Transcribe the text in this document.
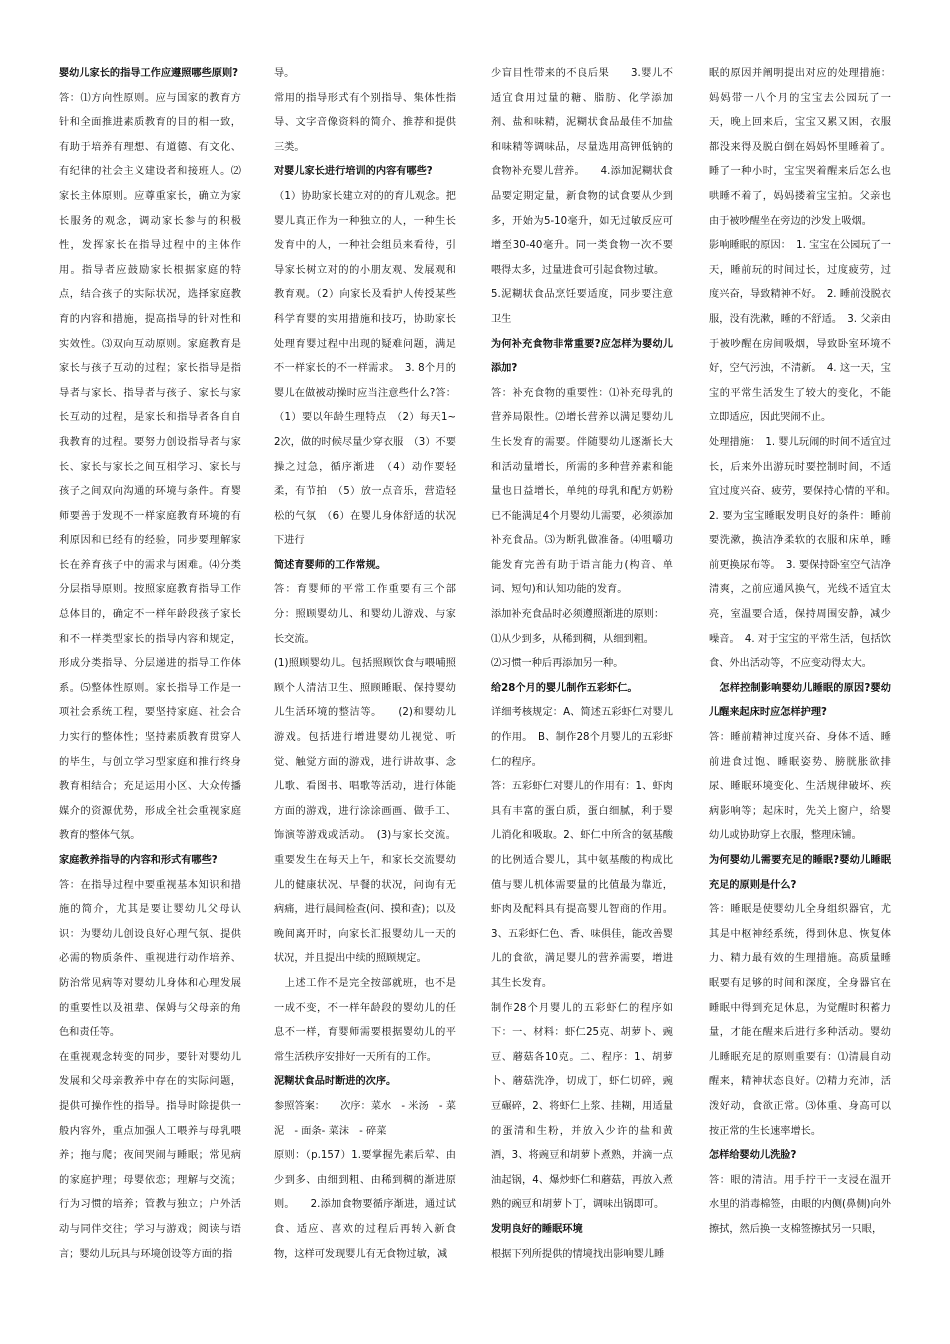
婴幼儿家长的指导工作应遵照哪些原则?

答：⑴方向性原则。应与国家的教育方针和全面推进素质教育的目的相一致，有助于培养有理想、有道德、有文化、有纪律的社会主义建设者和接班人。⑵家长主体原则。应尊重家长，确立为家长服务的观念，调动家长参与的积极性，发挥家长在指导过程中的主体作用。指导者应鼓励家长根据家庭的特点，结合孩子的实际状况，选择家庭教育的内容和措施，提高指导的针对性和实效性。⑶双向互动原则。家庭教育是家长与孩子互动的过程；家长指导是指导者与家长、指导者与孩子、家长与家长互动的过程，是家长和指导者各自自我教育的过程。要努力创设指导者与家长、家长与家长之间互相学习、家长与孩子之间双向沟通的环境与条件。育婴师要善于发现不一样家庭教育环境的有利原因和已经有的经验，同步要理解家长在养育孩子中的需求与困难。⑷分类分层指导原则。按照家庭教育指导工作总体目的，确定不一样年龄段孩子家长和不一样类型家长的指导内容和规定，形成分类指导、分层递进的指导工作体系。⑸整体性原则。家长指导工作是一项社会系统工程，要坚持家庭、社会合力实行的整体性；坚持素质教育贯穿人的毕生，与创立学习型家庭和推行终身教育相结合；充足运用小区、大众传播媒介的资源优势，形成全社会重视家庭教育的整体气氛。

家庭教养指导的内容和形式有哪些?

答：在指导过程中要重视基本知识和措施的简介，尤其是要让婴幼儿父母认识：为婴幼儿创设良好心理气氛、提供必需的物质条件、重视进行动作培养、防治常见病等对婴幼儿身体和心理发展的重要性以及祖辈、保姆与父母亲的角色和责任等。

在重视观念转变的同步，要针对婴幼儿发展和父母亲教养中存在的实际问题，提供可操作性的指导。指导时除提供一般内容外，重点加强人工喂养与母乳喂养；拖与爬；夜间哭闹与睡眠；常见病的家庭护理；母婴依恋；理解与交流；行为习惯的培养；管教与独立；户外活动与同伴交往；学习与游戏；阅读与语言；婴幼儿玩具与环境创设等方面的指

导。

常用的指导形式有个别指导、集体性指导、文字音像资料的简介、推荐和提供三类。

对婴儿家长进行培训的内容有哪些?

（1）协助家长建立对的的育儿观念。把婴儿真正作为一种独立的人，一种生长发育中的人，一种社会组员来看待，引导家长树立对的的小朋友观、发展观和教育观。（2）向家长及看护人传授某些科学育婴的实用措施和技巧，协助家长处理育婴过程中出现的疑难问题，满足不一样家长的不一样需求。　3. 8个月的婴儿在做被动操时应当注意些什么?答：（1）要以年龄生理特点　（2）每天1~2次，做的时候尽量少穿衣服　（3）不要操之过急，循序渐进　（4）动作要轻柔，有节拍　（5）放一点音乐，营造轻松的气氛　（6）在婴儿身体舒适的状况下进行

简述育婴师的工作常规。

答：育婴师的平常工作重要有三个部分：照顾婴幼儿、和婴幼儿游戏、与家长交流。

(1)照顾婴幼儿。包括照顾饮食与喂哺照顾个人清洁卫生、照顾睡眠、保持婴幼儿生活环境的整洁等。　　(2)和婴幼儿游戏。包括进行增进婴幼儿视觉、听觉、触觉方面的游戏，进行讲故事、念儿歌、看图书、唱歌等活动，进行体能方面的游戏，进行涂涂画画、做手工、饰演等游戏或活动。　(3)与家长交流。重要发生在每天上午，和家长交流婴幼儿的健康状况、早餐的状况，问询有无病痛，进行晨间检查(问、摸和查)；以及晚间离开时，向家长汇报婴幼儿一天的状况，并且提出中续的照顾规定。

　上述工作不是完全按部就班，也不是一成不变，不一样年龄段的婴幼儿的任息不一样，育婴师需要根据婴幼儿的平常生活秩序安排好一天所有的工作。

泥糊状食品时断进的次序。

参照答案：　　次序：菜水　- 米汤　- 菜泥　- 面条- 菜沫　- 碎菜

原则：（p.157）1.要掌握先素后荤、由少到多、由细到粗、由稀到稠的渐进原则。　　2.添加食物要循序渐进，通过试食、适应、喜欢的过程后再转入新食物，这样可发现婴儿有无食物过敏，减

少盲目性带来的不良后果　　3.婴儿不适宜食用过量的糖、脂肪、化学添加剂、盐和味精，泥糊状食品最佳不加盐和味精等调味品，尽量选用高钾低钠的食物补充婴儿营养。　　4.添加泥糊状食品要定期定量，新食物的试食要从少到多，开始为5-10毫升，如无过敏反应可增至30-40毫升。同一类食物一次不要喂得太多，过量进食可引起食物过敏。

5.泥糊状食品烹饪要适度，同步要注意卫生

为何补充食物非常重要?应怎样为婴幼儿添加?

答：补充食物的重要性：⑴补充母乳的营养局限性。⑵增长营养以满足婴幼儿生长发育的需要。伴随婴幼儿逐渐长大和活动量增长，所需的多种营养素和能量也日益增长，单纯的母乳和配方奶粉已不能满足4个月婴幼儿需要，必须添加补充食品。⑶为断乳做准备。⑷咀嚼功能发育完善有助于语言能力(构音、单词、短句)和认知功能的发育。

添加补充食品时必须遵照渐进的原则：

⑴从少到多，从稀到稠，从细到粗。

⑵习惯一种后再添加另一种。

给28个月的婴儿制作五彩虾仁。

详细考核规定：A、简述五彩虾仁对婴儿的作用。　B、制作28个月婴儿的五彩虾仁的程序。

答：五彩虾仁对婴儿的作用有：1、虾肉具有丰富的蛋白质，蛋白细腻，利于婴儿消化和吸取。2、虾仁中所含的氨基酸的比例适合婴儿，其中氨基酸的构成比值与婴儿机体需要量的比值最为靠近，虾肉及配料具有提高婴儿智商的作用。3、五彩虾仁色、香、味俱佳，能改善婴儿的食欲，满足婴儿的营养需要，增进其生长发育。

制作28个月婴儿的五彩虾仁的程序如下：一、材料：虾仁25克、胡萝卜、豌豆、蘑菇各10克。二、程序：1、胡萝卜、蘑菇洗净，切成丁，虾仁切碎，豌豆碾碎，2、将虾仁上浆、挂糊，用适量的蛋清和生粉，并放入少许的盐和黄酒，3、将豌豆和胡萝卜煮熟，并滴一点油起锅，4、爆炒虾仁和蘑菇，再放入煮熟的豌豆和胡萝卜丁，调味出锅即可。

发明良好的睡眠环境

根据下列所提供的情境找出影响婴儿睡

眠的原因并阐明提出对应的处理措施：妈妈带一八个月的宝宝去公园玩了一天，晚上回来后，宝宝又累又困，衣服都没来得及脱白倒在妈妈怀里睡着了。睡了一种小时，宝宝哭着醒来后怎么也哄睡不着了，妈妈搂着宝宝拍。父亲也由于被吵醒坐在旁边的沙发上吸烟。

影响睡眠的原因：　1. 宝宝在公园玩了一天，睡前玩的时间过长，过度疲劳，过度兴奋，导致精神不好。　2. 睡前没脱衣服，没有洗漱，睡的不舒适。　3. 父亲由于被吵醒在房间吸烟，导致卧室环境不好，空气污浊，不清新。　4. 这一天，宝宝的平常生活发生了较大的变化，不能立即适应，因此哭闹不止。

处理措施：　1. 婴儿玩闹的时间不适宜过长，后来外出游玩时要控制时间，不适宜过度兴奋、疲劳，要保持心情的平和。　2. 要为宝宝睡眠发明良好的条件：睡前要洗漱，换洁净柔软的衣服和床单，睡前更换尿布等。　3. 要保持卧室空气洁净清爽，之前应通风换气，光线不适宜太亮，室温要合适，保持周围安静，减少噪音。　4. 对于宝宝的平常生活，包括饮食、外出活动等，不应变动得太大。

　怎样控制影响婴幼儿睡眠的原因?婴幼儿醒来起床时应怎样护理?

答：睡前精神过度兴奋、身体不适、睡前进食过饱、睡眠姿势、膀胱胀欲排尿、睡眠环境变化、生活规律破坏、疾病影响等；起床时，先关上窗户，给婴幼儿或协助穿上衣服，整理床铺。

为何婴幼儿需要充足的睡眠?婴幼儿睡眠充足的原则是什么?

答：睡眠是使婴幼儿全身组织器官，尤其是中枢神经系统，得到休息、恢复体力、精力最有效的生理措施。高质量睡眠要有足够的时间和深度，全身器官在睡眠中得到充足休息，为觉醒时积蓄力量，才能在醒来后进行多种活动。婴幼儿睡眠充足的原则重要有：⑴清晨自动醒来，精神状态良好。⑵精力充沛，活泼好动，食欲正常。⑶体重、身高可以按正常的生长速率增长。

怎样给婴幼儿洗脸?

答：眼的清洁。用手拧干一支浸在温开水里的消毒棉签，由眼的内侧(鼻侧)向外擦拭，然后换一支棉签擦拭另一只眼，
